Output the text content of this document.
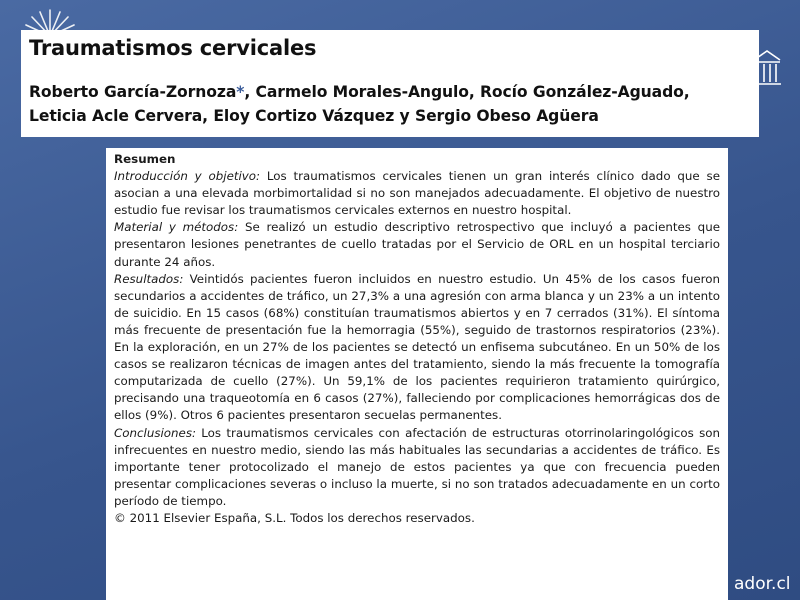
Traumatismos cervicales
Roberto García-Zornoza*, Carmelo Morales-Angulo, Rocío González-Aguado,
Leticia Acle Cervera, Eloy Cortizo Vázquez y Sergio Obeso Agüera

Resumen

Introducción y objetivo: Los traumatismos cervicales tienen un gran interés clínico dado que se asocian a una elevada morbimortalidad si no son manejados adecuadamente. El objetivo de nuestro estudio fue revisar los traumatismos cervicales externos en nuestro hospital.

Material y métodos: Se realizó un estudio descriptivo retrospectivo que incluyó a pacientes que presentaron lesiones penetrantes de cuello tratadas por el Servicio de ORL en un hospital terciario durante 24 años.

Resultados: Veintidós pacientes fueron incluidos en nuestro estudio. Un 45% de los casos fueron secundarios a accidentes de tráfico, un 27,3% a una agresión con arma blanca y un 23% a un intento de suicidio. En 15 casos (68%) constituían traumatismos abiertos y en 7 cerrados (31%). El síntoma más frecuente de presentación fue la hemorragia (55%), seguido de trastornos respiratorios (23%). En la exploración, en un 27% de los pacientes se detectó un enfisema subcutáneo. En un 50% de los casos se realizaron técnicas de imagen antes del tratamiento, siendo la más frecuente la tomografía computarizada de cuello (27%). Un 59,1% de los pacientes requirieron tratamiento quirúrgico, precisando una traqueotomía en 6 casos (27%), falleciendo por complicaciones hemorrágicas dos de ellos (9%). Otros 6 pacientes presentaron secuelas permanentes.

Conclusiones: Los traumatismos cervicales con afectación de estructuras otorrinolaringológicos son infrecuentes en nuestro medio, siendo las más habituales las secundarias a accidentes de tráfico. Es importante tener protocolizado el manejo de estos pacientes ya que con frecuencia pueden presentar complicaciones severas o incluso la muerte, si no son tratados adecuadamente en un corto período de tiempo.

© 2011 Elsevier España, S.L. Todos los derechos reservados.

ador.cl
